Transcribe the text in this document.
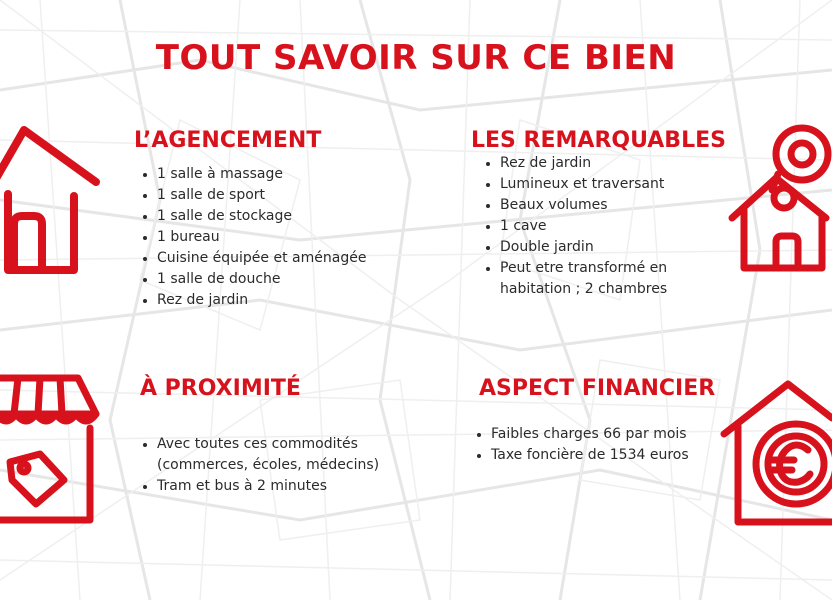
TOUT SAVOIR SUR CE BIEN
L’AGENCEMENT
1 salle à massage
1 salle de sport
1 salle de stockage
1 bureau
Cuisine équipée et aménagée
1 salle de douche
Rez de jardin
LES REMARQUABLES
Rez de jardin
Lumineux et traversant
Beaux volumes
1 cave
Double jardin
Peut etre transformé en habitation ; 2 chambres
À PROXIMITÉ
Avec toutes ces commodités (commerces, écoles, médecins)
Tram et bus à 2 minutes
ASPECT FINANCIER
Faibles charges 66 par mois
Taxe foncière de 1534 euros
